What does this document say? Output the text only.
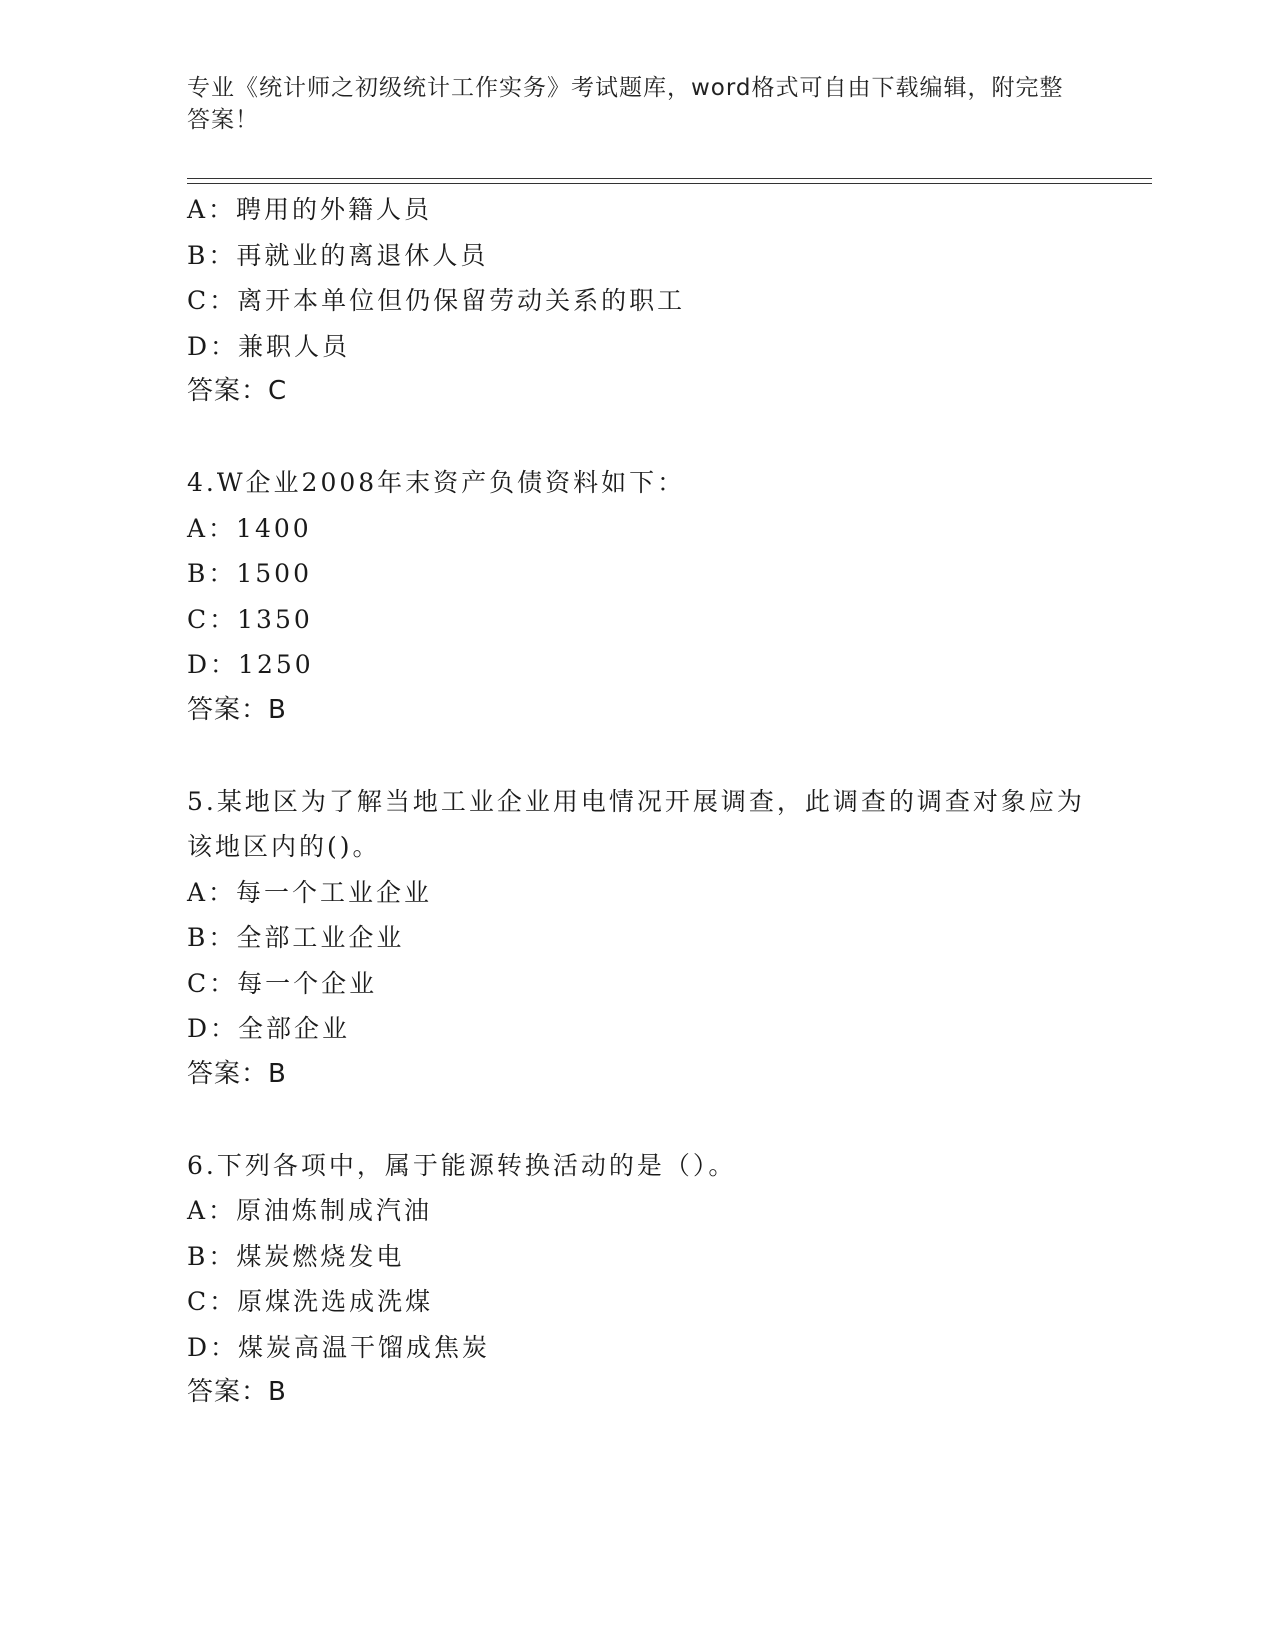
专业《统计师之初级统计工作实务》考试题库，word格式可自由下载编辑，附完整答案！
A：聘用的外籍人员
B：再就业的离退休人员
C：离开本单位但仍保留劳动关系的职工
D：兼职人员
答案：C
4.W企业2008年末资产负债资料如下：
A：1400
B：1500
C：1350
D：1250
答案：B
5.某地区为了解当地工业企业用电情况开展调查，此调查的调查对象应为该地区内的()。
A：每一个工业企业
B：全部工业企业
C：每一个企业
D：全部企业
答案：B
6.下列各项中，属于能源转换活动的是（）。
A：原油炼制成汽油
B：煤炭燃烧发电
C：原煤洗选成洗煤
D：煤炭高温干馏成焦炭
答案：B
